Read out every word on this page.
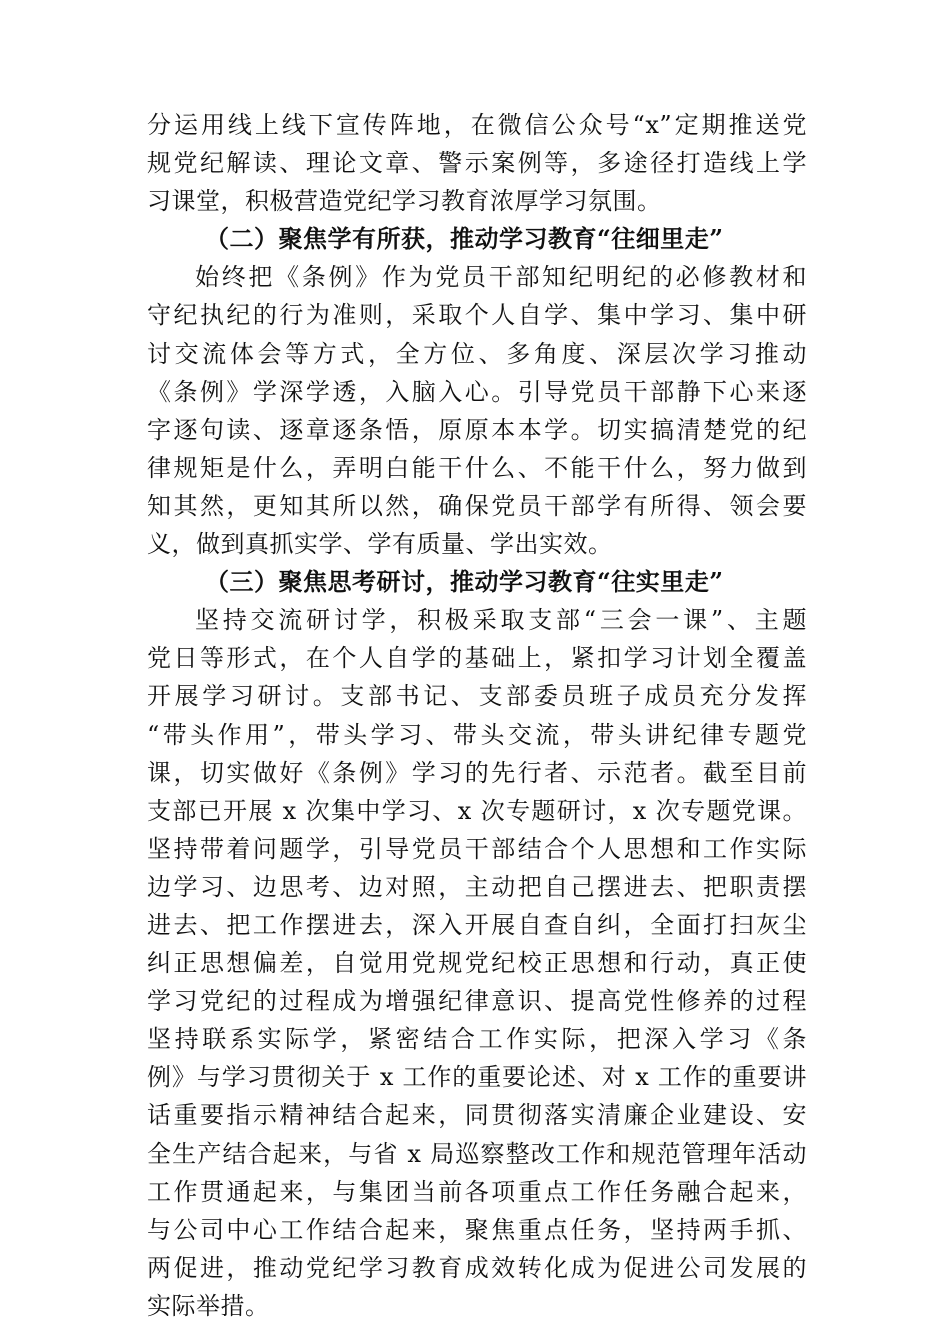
分运用线上线下宣传阵地，在微信公众号“x”定期推送党
规党纪解读、理论文章、警示案例等，多途径打造线上学
习课堂，积极营造党纪学习教育浓厚学习氛围。
（二）聚焦学有所获，推动学习教育“往细里走”
始终把《条例》作为党员干部知纪明纪的必修教材和
守纪执纪的行为准则，采取个人自学、集中学习、集中研
讨交流体会等方式，全方位、多角度、深层次学习推动
《条例》学深学透，入脑入心。引导党员干部静下心来逐
字逐句读、逐章逐条悟，原原本本学。切实搞清楚党的纪
律规矩是什么，弄明白能干什么、不能干什么，努力做到
知其然，更知其所以然，确保党员干部学有所得、领会要
义，做到真抓实学、学有质量、学出实效。
（三）聚焦思考研讨，推动学习教育“往实里走”
坚持交流研讨学，积极采取支部“三会一课”、主题
党日等形式，在个人自学的基础上，紧扣学习计划全覆盖
开展学习研讨。支部书记、支部委员班子成员充分发挥
“带头作用”，带头学习、带头交流，带头讲纪律专题党
课，切实做好《条例》学习的先行者、示范者。截至目前
支部已开展 x 次集中学习、x 次专题研讨，x 次专题党课。
坚持带着问题学，引导党员干部结合个人思想和工作实际
边学习、边思考、边对照，主动把自己摆进去、把职责摆
进去、把工作摆进去，深入开展自查自纠，全面打扫灰尘
纠正思想偏差，自觉用党规党纪校正思想和行动，真正使
学习党纪的过程成为增强纪律意识、提高党性修养的过程
坚持联系实际学，紧密结合工作实际，把深入学习《条
例》与学习贯彻关于 x 工作的重要论述、对 x 工作的重要讲
话重要指示精神结合起来，同贯彻落实清廉企业建设、安
全生产结合起来，与省 x 局巡察整改工作和规范管理年活动
工作贯通起来，与集团当前各项重点工作任务融合起来，
与公司中心工作结合起来，聚焦重点任务，坚持两手抓、
两促进，推动党纪学习教育成效转化成为促进公司发展的
实际举措。
